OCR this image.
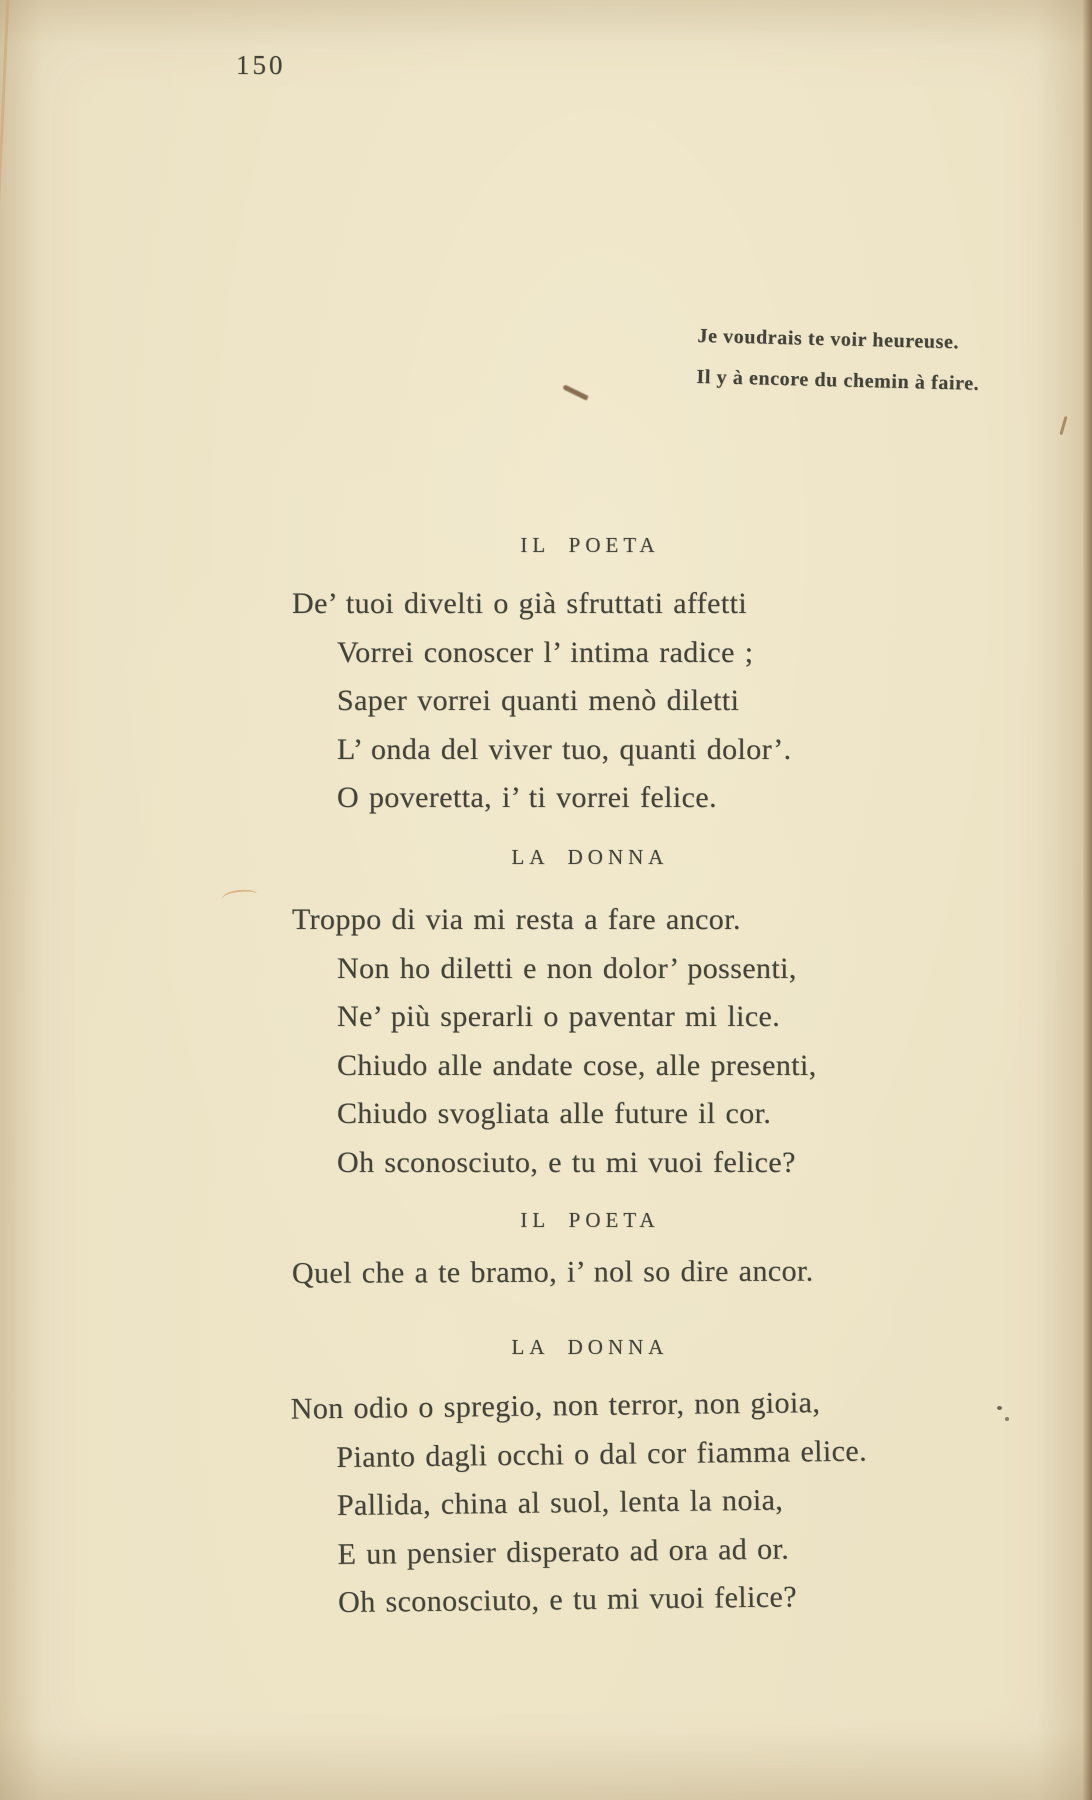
150
Je voudrais te voir heureuse.
Il y à encore du chemin à faire.
IL POETA
De’ tuoi divelti o già sfruttati affetti
Vorrei conoscer l’ intima radice ;
Saper vorrei quanti menò diletti
L’ onda del viver tuo, quanti dolor’.
O poveretta, i’ ti vorrei felice.
LA DONNA
Troppo di via mi resta a fare ancor.
Non ho diletti e non dolor’ possenti,
Ne’ più sperarli o paventar mi lice.
Chiudo alle andate cose, alle presenti,
Chiudo svogliata alle future il cor.
Oh sconosciuto, e tu mi vuoi felice?
IL POETA
Quel che a te bramo, i’ nol so dire ancor.
LA DONNA
Non odio o spregio, non terror, non gioia,
Pianto dagli occhi o dal cor fiamma elice.
Pallida, china al suol, lenta la noia,
E un pensier disperato ad ora ad or.
Oh sconosciuto, e tu mi vuoi felice?
